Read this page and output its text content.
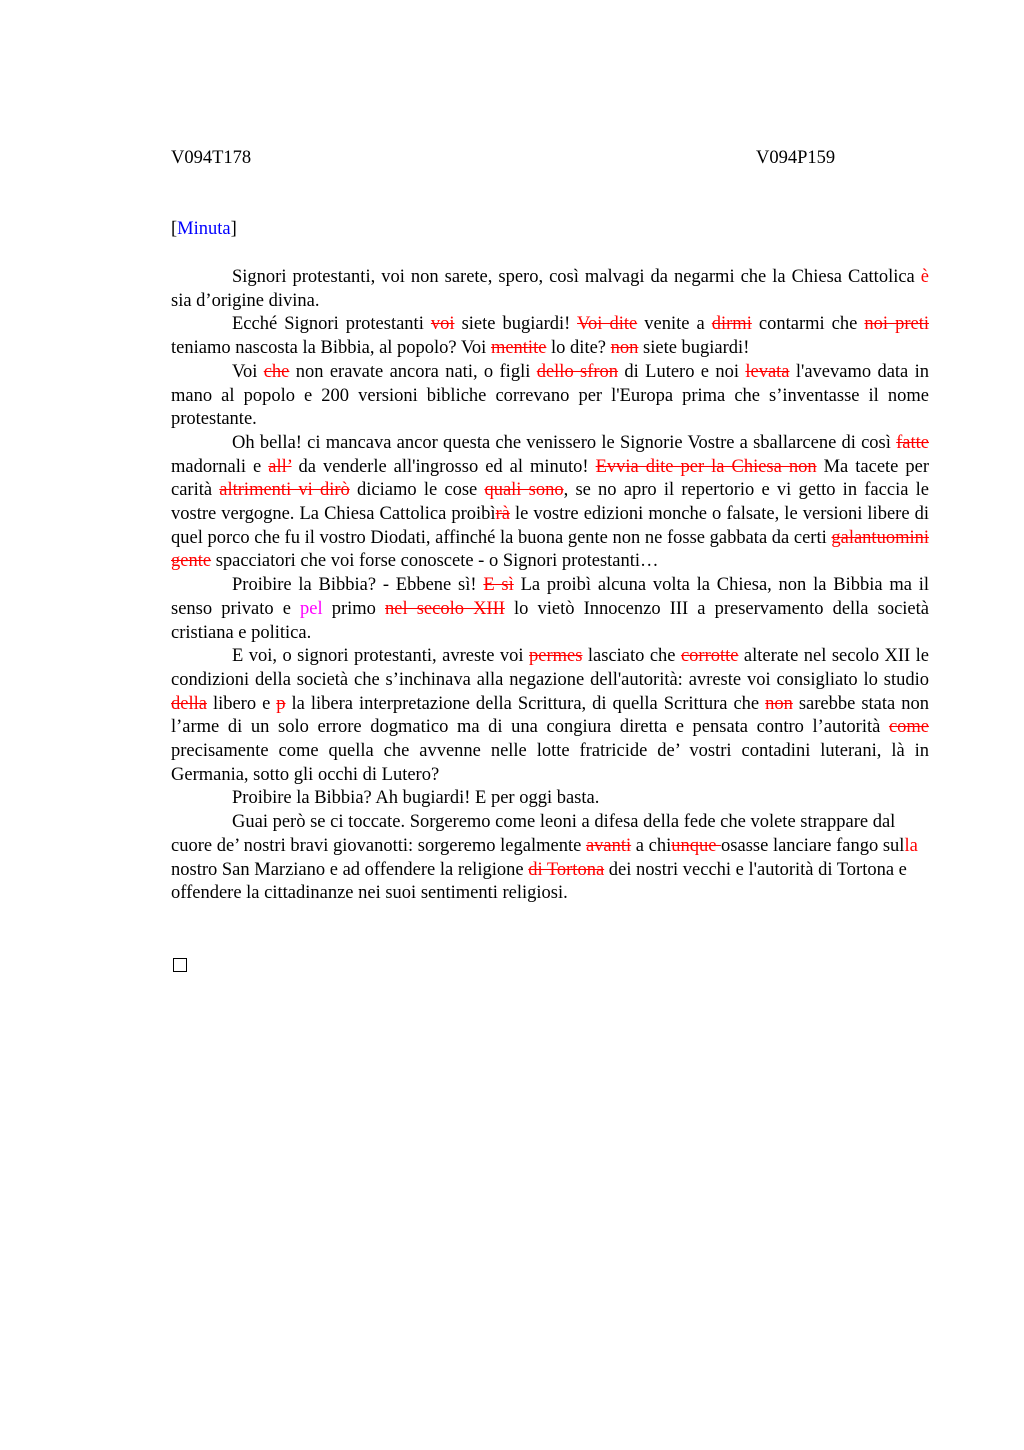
V094T178	V094P159
[Minuta]

Signori protestanti, voi non sarete, spero, così malvagi da negarmi che la Chiesa Cattolica è sia d’origine divina.

Ecché Signori protestanti voi siete bugiardi! Voi dite venite a dirmi contarmi che noi preti teniamo nascosta la Bibbia, al popolo? Voi mentite lo dite? non siete bugiardi!

Voi che non eravate ancora nati, o figli dello sfron di Lutero e noi levata l'avevamo data in mano al popolo e 200 versioni bibliche correvano per l'Europa prima che s’inventasse il nome protestante.

Oh bella! ci mancava ancor questa che venissero le Signorie Vostre a sballarcene di così fatte madornali e all’ da venderle all'ingrosso ed al minuto! Evvia dite per la Chiesa non Ma tacete per carità altrimenti vi dirò diciamo le cose quali sono, se no apro il repertorio e vi getto in faccia le vostre vergogne. La Chiesa Cattolica proibìrà le vostre edizioni monche o falsate, le versioni libere di quel porco che fu il vostro Diodati, affinché la buona gente non ne fosse gabbata da certi galantuomini gente spacciatori che voi forse conoscete - o Signori protestanti…

Proibire la Bibbia? - Ebbene sì! E sì La proibì alcuna volta la Chiesa, non la Bibbia ma il senso privato e pel primo nel secolo XIII lo vietò Innocenzo III a preservamento della società cristiana e politica.

E voi, o signori protestanti, avreste voi permes lasciato che corrotte alterate nel secolo XII le condizioni della società che s’inchinava alla negazione dell'autorità: avreste voi consigliato lo studio della libero e p la libera interpretazione della Scrittura, di quella Scrittura che non sarebbe stata non l’arme di un solo errore dogmatico ma di una congiura diretta e pensata contro l’autorità come precisamente come quella che avvenne nelle lotte fratricide de’ vostri contadini luterani, là in Germania, sotto gli occhi di Lutero?

Proibire la Bibbia? Ah bugiardi! E per oggi basta.

Guai però se ci toccate. Sorgeremo come leoni a difesa della fede che volete strappare dal cuore de’ nostri bravi giovanotti: sorgeremo legalmente avanti a chiunque osasse lanciare fango sulla nostro San Marziano e ad offendere la religione di Tortona dei nostri vecchi e l'autorità di Tortona e offendere la cittadinanze nei suoi sentimenti religiosi.
